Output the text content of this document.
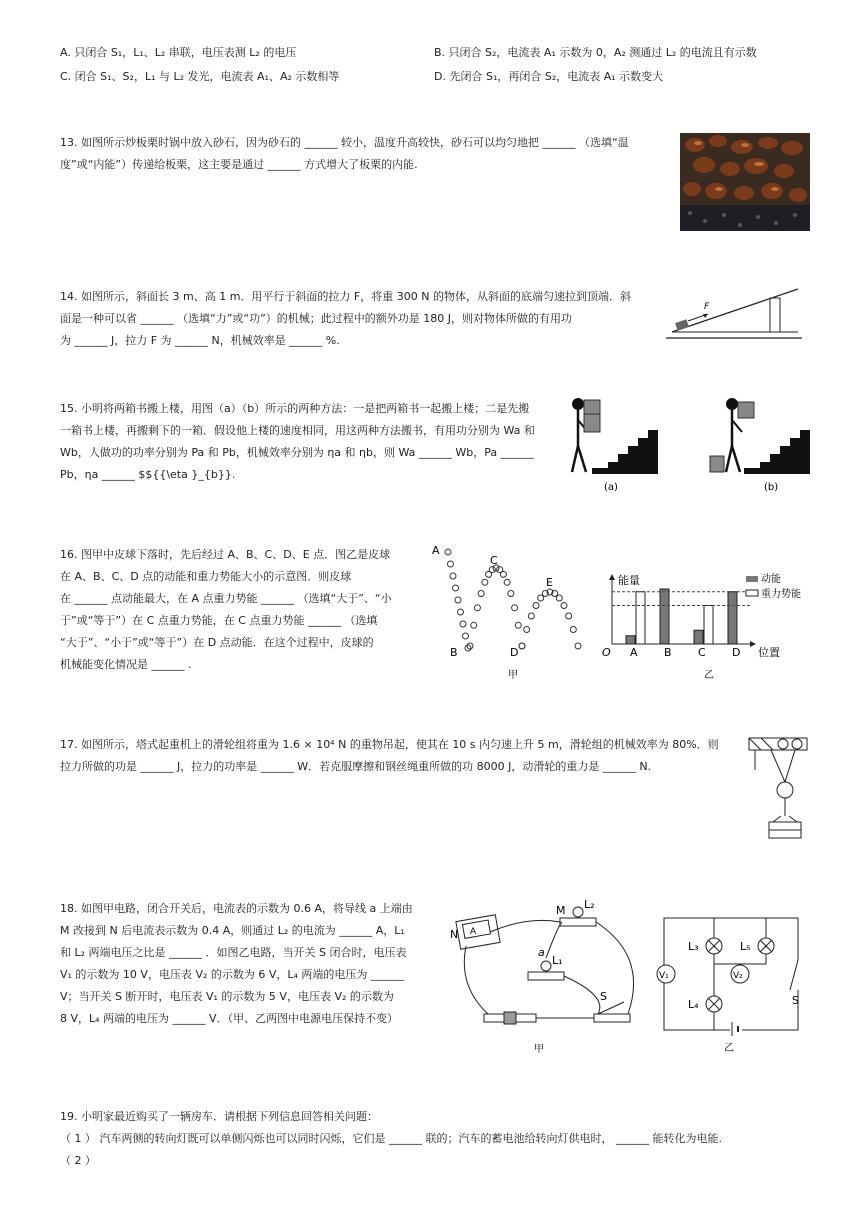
A. 只闭合 S₁，L₁、L₂ 串联，电压表测 L₂ 的电压	B. 只闭合 S₂，电流表 A₁ 示数为 0，A₂ 测通过 L₂ 的电流且有示数
C. 闭合 S₁、S₂，L₁ 与 L₂ 发光，电流表 A₁、A₂ 示数相等	D. 先闭合 S₁，再闭合 S₂，电流表 A₁ 示数变大

13. 如图所示炒板栗时锅中放入砂石，因为砂石的 ______ 较小，温度升高较快，砂石可以均匀地把 ______ （选填“温

度”或“内能”）传递给板栗，这主要是通过 ______ 方式增大了板栗的内能.

14. 如图所示，斜面长 3 m、高 1 m．用平行于斜面的拉力 F，将重 300 N 的物体，从斜面的底端匀速拉到顶端．斜

面是一种可以省 ______ （选填“力”或“功”）的机械；此过程中的额外功是 180 J，则对物体所做的有用功

为 ______ J，拉力 F 为 ______ N，机械效率是 ______ %.

F

15. 小明将两箱书搬上楼，用图（a）（b）所示的两种方法：一是把两箱书一起搬上楼；二是先搬

一箱书上楼，再搬剩下的一箱．假设他上楼的速度相同，用这两种方法搬书，有用功分别为 Wa 和

Wb，人做功的功率分别为 Pa 和 Pb，机械效率分别为 ηa 和 ηb，则 Wa ______ Wb，Pa ______

Pb，ηa ______ $${{\eta }_{b}}.

(a)	(b)

16. 图甲中皮球下落时，先后经过 A、B、C、D、E 点．图乙是皮球

在 A、B、C、D 点的动能和重力势能大小的示意图．则皮球

在 ______ 点动能最大，在 A 点重力势能 ______ （选填“大于”、“小

于”或“等于”）在 C 点重力势能，在 C 点重力势能 ______ （选填

“大于”、“小于”或“等于”）在 D 点动能．在这个过程中，皮球的

机械能变化情况是 ______ .

A
B
C
D
E
甲
能量
位置
O A B C D
动能
重力势能
乙

17. 如图所示，塔式起重机上的滑轮组将重为 1.6 × 10⁴ N 的重物吊起，使其在 10 s 内匀速上升 5 m，滑轮组的机械效率为 80%．则

拉力所做的功是 ______ J，拉力的功率是 ______ W．若克服摩擦和钢丝绳重所做的功 8000 J，动滑轮的重力是 ______ N.

18. 如图甲电路，闭合开关后，电流表的示数为 0.6 A，将导线 a 上端由

M 改接到 N 后电流表示数为 0.4 A，则通过 L₂ 的电流为 ______ A，L₁

和 L₂ 两端电压之比是 ______ ．如图乙电路，当开关 S 闭合时，电压表

V₁ 的示数为 10 V，电压表 V₂ 的示数为 6 V，L₄ 两端的电压为 ______

V；当开关 S 断开时，电压表 V₁ 的示数为 5 V，电压表 V₂ 的示数为

8 V，L₄ 两端的电压为 ______ V．（甲、乙两图中电源电压保持不变）

A
N
M L₂
L₁
a
S
甲
L₃	L₅
L₄
V₁	V₂
S
乙

19. 小明家最近购买了一辆房车．请根据下列信息回答相关问题：

（ 1 ） 汽车两侧的转向灯既可以单侧闪烁也可以同时闪烁，它们是 ______ 联的；汽车的蓄电池给转向灯供电时， ______ 能转化为电能.

（ 2 ）
